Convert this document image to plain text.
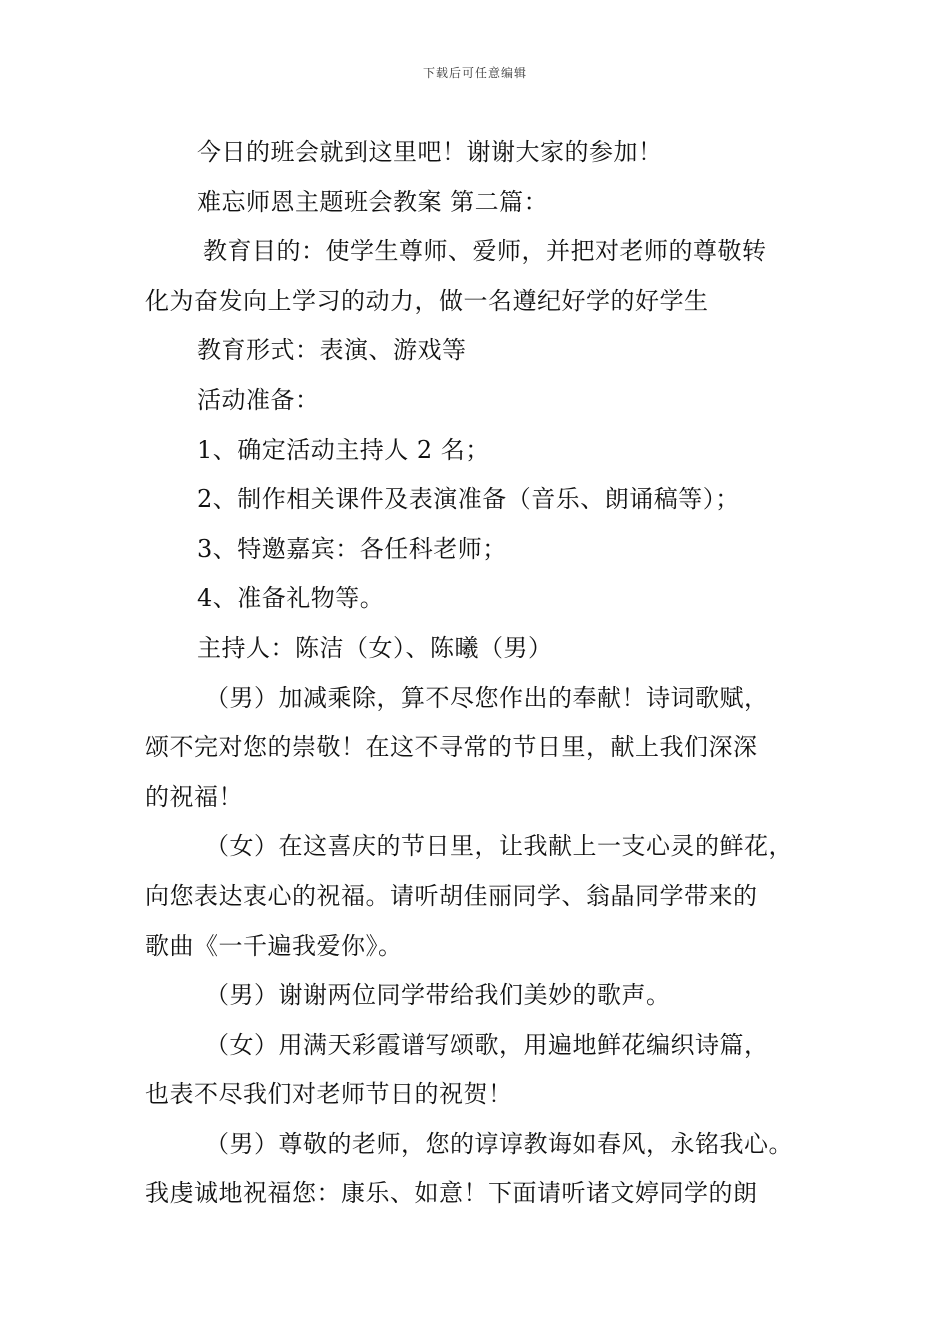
下载后可任意编辑
今日的班会就到这里吧！谢谢大家的参加！
难忘师恩主题班会教案 第二篇：
教育目的：使学生尊师、爱师，并把对老师的尊敬转
化为奋发向上学习的动力，做一名遵纪好学的好学生
教育形式：表演、游戏等
活动准备：
1、确定活动主持人 2 名；
2、制作相关课件及表演准备（音乐、朗诵稿等）；
3、特邀嘉宾：各任科老师；
4、准备礼物等。
主持人：陈洁（女）、陈曦（男）
（男）加减乘除，算不尽您作出的奉献！诗词歌赋，
颂不完对您的崇敬！在这不寻常的节日里，献上我们深深
的祝福！
（女）在这喜庆的节日里，让我献上一支心灵的鲜花，
向您表达衷心的祝福。请听胡佳丽同学、翁晶同学带来的
歌曲《一千遍我爱你》。
（男）谢谢两位同学带给我们美妙的歌声。
（女）用满天彩霞谱写颂歌，用遍地鲜花编织诗篇，
也表不尽我们对老师节日的祝贺！
（男）尊敬的老师，您的谆谆教诲如春风，永铭我心。
我虔诚地祝福您：康乐、如意！下面请听诸文婷同学的朗
